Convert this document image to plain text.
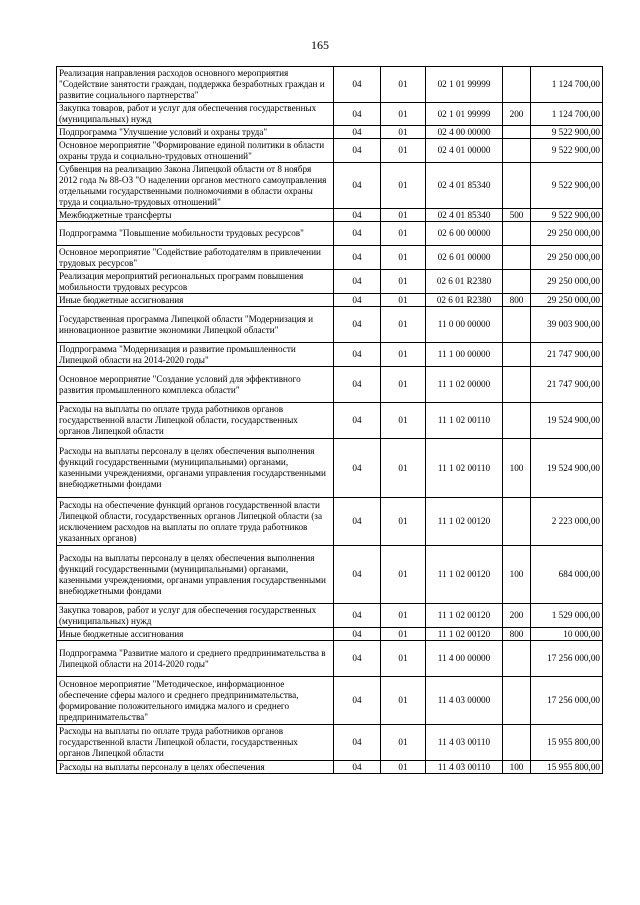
165
Реализация направления расходов основного мероприятия "Содействие занятости граждан, поддержка безработных граждан и развитие социального партнерства"	04	01	02 1 01 99999		1 124 700,00
Закупка товаров, работ и услуг для обеспечения государственных (муниципальных) нужд	04	01	02 1 01 99999	200	1 124 700,00
Подпрограмма "Улучшение условий и охраны труда"	04	01	02 4 00 00000		9 522 900,00
Основное мероприятие "Формирование единой политики в области охраны труда и социально-трудовых отношений"	04	01	02 4 01 00000		9 522 900,00
Субвенция на реализацию Закона Липецкой области от 8 ноября 2012 года № 88-ОЗ "О наделении органов местного самоуправления отдельными государственными полномочиями в области охраны труда и социально-трудовых отношений"	04	01	02 4 01 85340		9 522 900,00
Межбюджетные трансферты	04	01	02 4 01 85340	500	9 522 900,00
Подпрограмма "Повышение мобильности трудовых ресурсов"	04	01	02 6 00 00000		29 250 000,00
Основное мероприятие "Содействие работодателям в привлечении трудовых ресурсов"	04	01	02 6 01 00000		29 250 000,00
Реализация мероприятий региональных программ повышения мобильности трудовых ресурсов	04	01	02 6 01 R2380		29 250 000,00
Иные бюджетные ассигнования	04	01	02 6 01 R2380	800	29 250 000,00
Государственная программа Липецкой области "Модернизация и инновационное развитие экономики Липецкой области"	04	01	11 0 00 00000		39 003 900,00
Подпрограмма "Модернизация и развитие промышленности Липецкой области на 2014-2020 годы"	04	01	11 1 00 00000		21 747 900,00
Основное мероприятие "Создание условий для эффективного развития промышленного комплекса области"	04	01	11 1 02 00000		21 747 900,00
Расходы на выплаты по оплате труда работников органов государственной власти Липецкой области, государственных органов Липецкой области	04	01	11 1 02 00110		19 524 900,00
Расходы на выплаты персоналу в целях обеспечения выполнения функций государственными (муниципальными) органами, казенными учреждениями, органами управления государственными внебюджетными фондами	04	01	11 1 02 00110	100	19 524 900,00
Расходы на обеспечение функций органов государственной власти Липецкой области, государственных органов Липецкой области (за исключением расходов на выплаты по оплате труда работников указанных органов)	04	01	11 1 02 00120		2 223 000,00
Расходы на выплаты персоналу в целях обеспечения выполнения функций государственными (муниципальными) органами, казенными учреждениями, органами управления государственными внебюджетными фондами	04	01	11 1 02 00120	100	684 000,00
Закупка товаров, работ и услуг для обеспечения государственных (муниципальных) нужд	04	01	11 1 02 00120	200	1 529 000,00
Иные бюджетные ассигнования	04	01	11 1 02 00120	800	10 000,00
Подпрограмма "Развитие малого и среднего предпринимательства в Липецкой области на 2014-2020 годы"	04	01	11 4 00 00000		17 256 000,00
Основное мероприятие "Методическое, информационное обеспечение сферы малого и среднего предпринимательства, формирование положительного имиджа малого и среднего предпринимательства"	04	01	11 4 03 00000		17 256 000,00
Расходы на выплаты по оплате труда работников органов государственной власти Липецкой области, государственных органов Липецкой области	04	01	11 4 03 00110		15 955 800,00
Расходы на выплаты персоналу в целях обеспечения	04	01	11 4 03 00110	100	15 955 800,00
